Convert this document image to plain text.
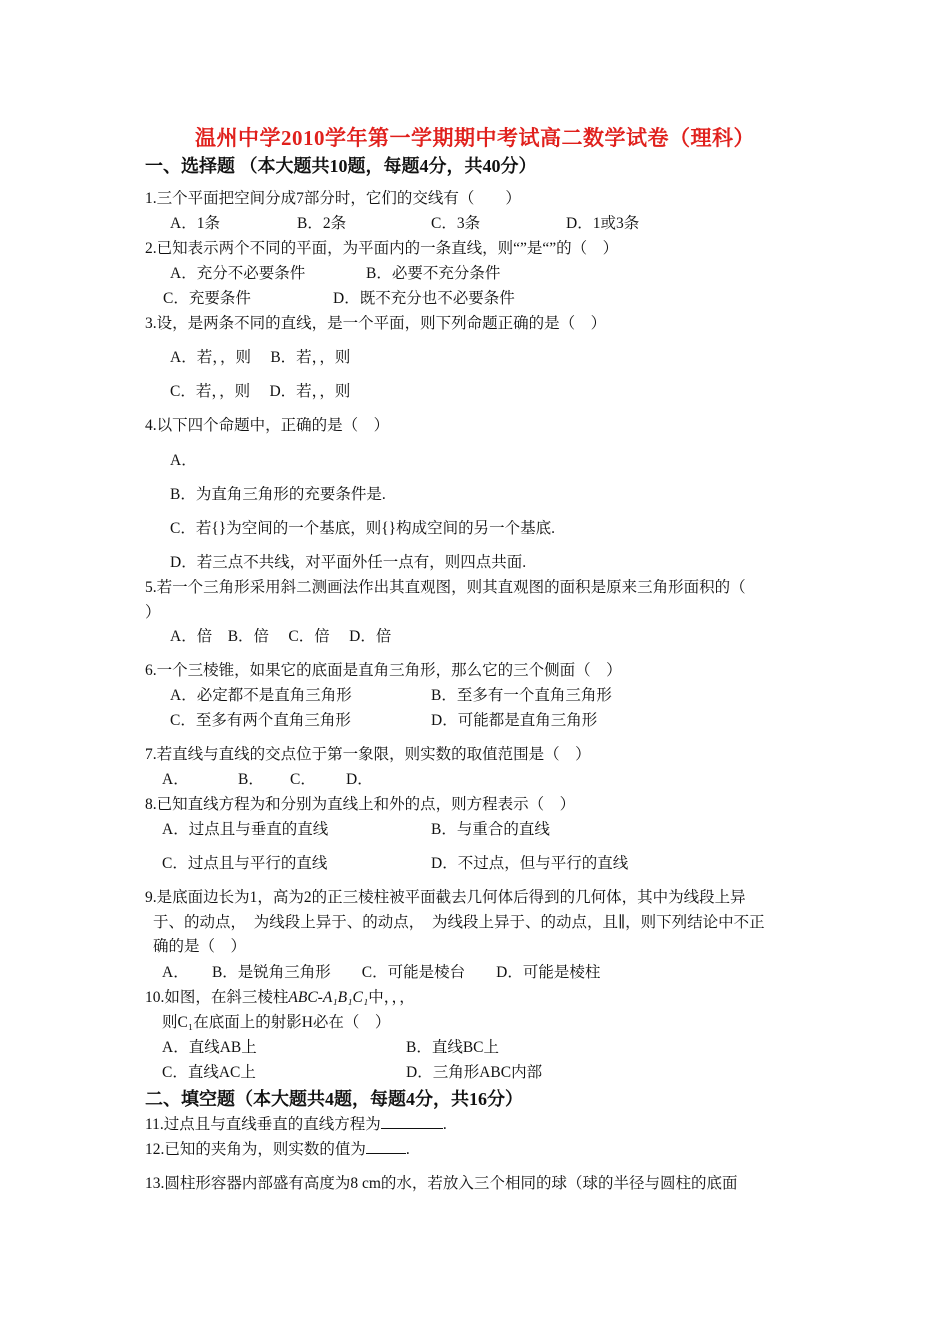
温州中学2010学年第一学期期中考试高二数学试卷（理科）
一、选择题 （本大题共10题，每题4分，共40分）
1.三个平面把空间分成7部分时，它们的交线有（　　）
A．1条	B．2条	C．3条	D．1或3条
2.已知表示两个不同的平面，为平面内的一条直线，则“”是“”的（　）
A．充分不必要条件	B．必要不充分条件
C．充要条件	D．既不充分也不必要条件
3.设，是两条不同的直线，是一个平面，则下列命题正确的是（　）
A．若，，则　 B．若，，则
C．若，，则　 D．若，，则
4.以下四个命题中，正确的是（　）
A．
B．为直角三角形的充要条件是.
C．若{}为空间的一个基底，则{}构成空间的另一个基底.
D．若三点不共线，对平面外任一点有，则四点共面.
5.若一个三角形采用斜二测画法作出其直观图，则其直观图的面积是原来三角形面积的（
）
A．倍　B．倍　 C．倍　 D．倍
6.一个三棱锥，如果它的底面是直角三角形，那么它的三个侧面（　）
A．必定都不是直角三角形	B．至多有一个直角三角形
C．至多有两个直角三角形	D．可能都是直角三角形
7.若直线与直线的交点位于第一象限，则实数的取值范围是（　）
A．	B． C． D．
8.已知直线方程为和分别为直线上和外的点，则方程表示（　）
A．过点且与垂直的直线	B．与重合的直线
C．过点且与平行的直线	D．不过点，但与平行的直线
9.是底面边长为1，高为2的正三棱柱被平面截去几何体后得到的几何体，其中为线段上异
于、的动点，　为线段上异于、的动点，　为线段上异于、的动点，且∥，则下列结论中不正
确的是（　）
A．　　B．是锐角三角形　　C．可能是棱台　　D．可能是棱柱
10.如图，在斜三棱柱ABC-A₁B₁C₁中，，，
则C₁在底面上的射影H必在（　）
A．直线AB上	B．直线BC上
C．直线AC上	D．三角形ABC内部
二、填空题（本大题共4题，每题4分，共16分）
11.过点且与直线垂直的直线方程为	.
12.已知的夹角为，则实数的值为	.
13.圆柱形容器内部盛有高度为8 cm的水，若放入三个相同的球（球的半径与圆柱的底面
